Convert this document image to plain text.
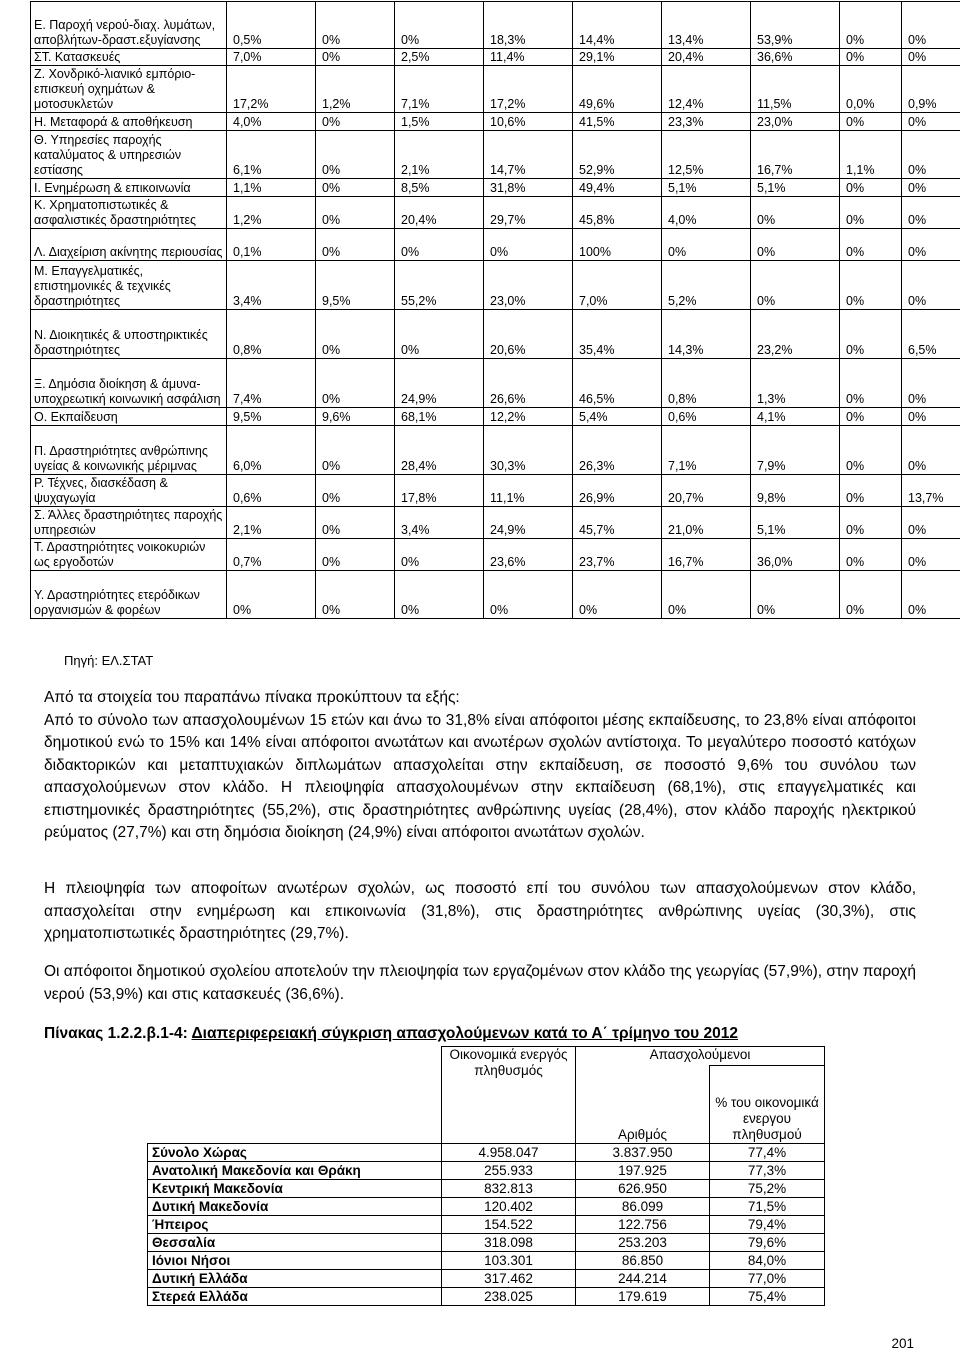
Ε. Παροχή νερού-διαχ. λυμάτων, αποβλήτων-δραστ.εξυγίανσης	0,5%	0%	0%	18,3%	14,4%	13,4%	53,9%	0%	0%
ΣΤ. Κατασκευές	7,0%	0%	2,5%	11,4%	29,1%	20,4%	36,6%	0%	0%
Ζ. Χονδρικό-λιανικό εμπόριο-επισκευή οχημάτων & μοτοσυκλετών	17,2%	1,2%	7,1%	17,2%	49,6%	12,4%	11,5%	0,0%	0,9%
Η. Μεταφορά & αποθήκευση	4,0%	0%	1,5%	10,6%	41,5%	23,3%	23,0%	0%	0%
Θ. Υπηρεσίες παροχής καταλύματος & υπηρεσιών εστίασης	6,1%	0%	2,1%	14,7%	52,9%	12,5%	16,7%	1,1%	0%
Ι. Ενημέρωση & επικοινωνία	1,1%	0%	8,5%	31,8%	49,4%	5,1%	5,1%	0%	0%
Κ. Χρηματοπιστωτικές & ασφαλιστικές δραστηριότητες	1,2%	0%	20,4%	29,7%	45,8%	4,0%	0%	0%	0%
Λ. Διαχείριση ακίνητης περιουσίας	0,1%	0%	0%	0%	100%	0%	0%	0%	0%
Μ. Επαγγελματικές, επιστημονικές & τεχνικές δραστηριότητες	3,4%	9,5%	55,2%	23,0%	7,0%	5,2%	0%	0%	0%
Ν. Διοικητικές & υποστηρικτικές δραστηριότητες	0,8%	0%	0%	20,6%	35,4%	14,3%	23,2%	0%	6,5%
Ξ. Δημόσια διοίκηση & άμυνα-υποχρεωτική κοινωνική ασφάλιση	7,4%	0%	24,9%	26,6%	46,5%	0,8%	1,3%	0%	0%
Ο. Εκπαίδευση	9,5%	9,6%	68,1%	12,2%	5,4%	0,6%	4,1%	0%	0%
Π. Δραστηριότητες ανθρώπινης υγείας & κοινωνικής μέριμνας	6,0%	0%	28,4%	30,3%	26,3%	7,1%	7,9%	0%	0%
Ρ. Τέχνες, διασκέδαση & ψυχαγωγία	0,6%	0%	17,8%	11,1%	26,9%	20,7%	9,8%	0%	13,7%
Σ. Άλλες δραστηριότητες παροχής υπηρεσιών	2,1%	0%	3,4%	24,9%	45,7%	21,0%	5,1%	0%	0%
Τ. Δραστηριότητες νοικοκυριών ως εργοδοτών	0,7%	0%	0%	23,6%	23,7%	16,7%	36,0%	0%	0%
Υ. Δραστηριότητες ετερόδικων οργανισμών & φορέων	0%	0%	0%	0%	0%	0%	0%	0%	0%
Πηγή: ΕΛ.ΣΤΑΤ
Από τα στοιχεία του παραπάνω πίνακα προκύπτουν τα εξής:
Από το σύνολο των απασχολουμένων 15 ετών και άνω το 31,8% είναι απόφοιτοι μέσης εκπαίδευσης, το 23,8% είναι απόφοιτοι δημοτικού ενώ το 15% και 14% είναι απόφοιτοι ανωτάτων και ανωτέρων σχολών αντίστοιχα. Το μεγαλύτερο ποσοστό κατόχων διδακτορικών και μεταπτυχιακών διπλωμάτων απασχολείται στην εκπαίδευση, σε ποσοστό 9,6% του συνόλου των απασχολούμενων στον κλάδο. Η πλειοψηφία απασχολουμένων στην εκπαίδευση (68,1%), στις επαγγελματικές και επιστημονικές δραστηριότητες (55,2%), στις δραστηριότητες ανθρώπινης υγείας (28,4%), στον κλάδο παροχής ηλεκτρικού ρεύματος (27,7%) και στη δημόσια διοίκηση (24,9%) είναι απόφοιτοι ανωτάτων σχολών.

Η πλειοψηφία των αποφοίτων ανωτέρων σχολών, ως ποσοστό επί του συνόλου των απασχολούμενων στον κλάδο, απασχολείται στην ενημέρωση και επικοινωνία (31,8%), στις δραστηριότητες ανθρώπινης υγείας (30,3%), στις χρηματοπιστωτικές δραστηριότητες (29,7%).

Οι απόφοιτοι δημοτικού σχολείου αποτελούν την πλειοψηφία των εργαζομένων στον κλάδο της γεωργίας (57,9%), στην παροχή νερού (53,9%) και στις κατασκευές (36,6%).

Πίνακας 1.2.2.β.1-4: Διαπεριφερειακή σύγκριση απασχολούμενων κατά το Α΄ τρίμηνο του 2012
	Οικονομικά ενεργός πληθυσμός	Απασχολούμενοι	
		Αριθμός	% του οικονομικά ενεργου πληθυσμού
Σύνολο Χώρας	4.958.047	3.837.950	77,4%
Ανατολική Μακεδονία και Θράκη	255.933	197.925	77,3%
Κεντρική Μακεδονία	832.813	626.950	75,2%
Δυτική Μακεδονία	120.402	86.099	71,5%
Ήπειρος	154.522	122.756	79,4%
Θεσσαλία	318.098	253.203	79,6%
Ιόνιοι Νήσοι	103.301	86.850	84,0%
Δυτική Ελλάδα	317.462	244.214	77,0%
Στερεά Ελλάδα	238.025	179.619	75,4%
201
